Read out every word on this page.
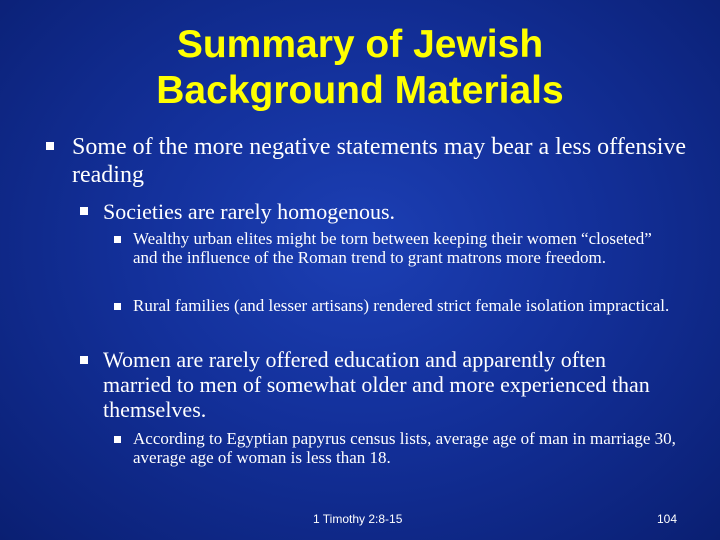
Summary of Jewish
Background Materials
Some of the more negative statements may bear a less offensive reading
Societies are rarely homogenous.
Wealthy urban elites might be torn between keeping their women “closeted” and the influence of the Roman trend to grant matrons more freedom.
Rural families (and lesser artisans) rendered strict female isolation impractical.
Women are rarely offered education and apparently often married to men of somewhat older and more experienced than themselves.
According to Egyptian papyrus census lists, average age of man in marriage 30, average age of woman is less than 18.
1 Timothy 2:8-15	104
